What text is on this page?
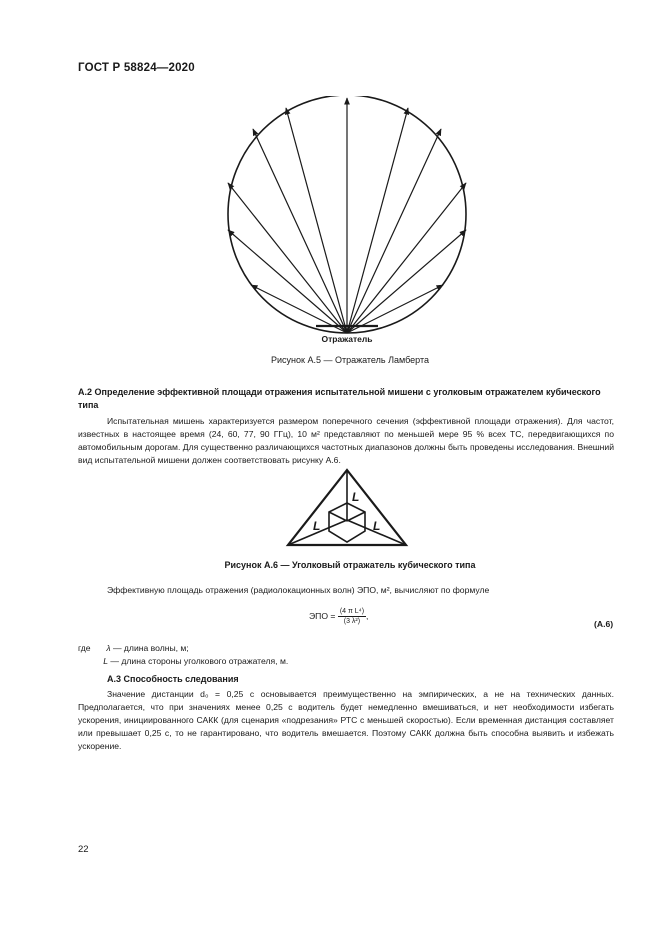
ГОСТ Р 58824—2020
Отражатель
Рисунок А.5 — Отражатель Ламберта
А.2 Определение эффективной площади отражения испытательной мишени с уголковым отражателем кубического типа
Испытательная мишень характеризуется размером поперечного сечения (эффективной площади отражения). Для частот, известных в настоящее время (24, 60, 77, 90 ГГц), 10 м² представляют по меньшей мере 95 % всех ТС, передвигающихся по автомобильным дорогам. Для существенно различающихся частотных диапазонов должны быть проведены исследования. Внешний вид испытательной мишени должен соответствовать рисунку А.6.
L
L	L
Рисунок А.6 — Уголковый отражатель кубического типа
Эффективную площадь отражения (радиолокационных волн) ЭПО, м², вычисляют по формуле
ЭПО = $\frac{\text{(4 π L⁴)}}{\text{(3 λ²)}}$ ,
(А.6)
где λ — длина волны, м;
L — длина стороны уголкового отражателя, м.
А.3 Способность следования
Значение дистанции d₀ = 0,25 с основывается преимущественно на эмпирических, а не на технических данных. Предполагается, что при значениях менее 0,25 с водитель будет немедленно вмешиваться, и нет необходимости избегать ускорения, инициированного САКК (для сценария «подрезания» РТС с меньшей скоростью). Если временная дистанция составляет или превышает 0,25 с, то не гарантировано, что водитель вмешается. Поэтому САКК должна быть способна выявить и избежать ускорение.
22
